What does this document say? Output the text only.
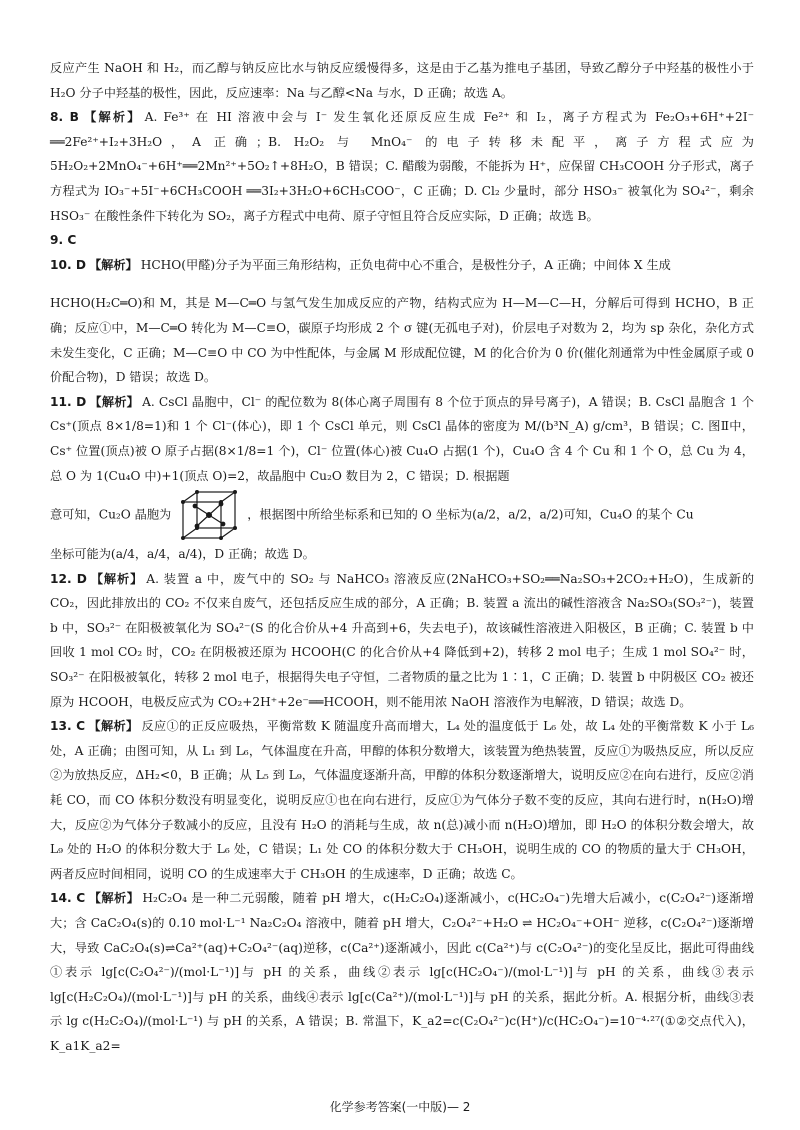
反应产生 NaOH 和 H₂，而乙醇与钠反应比水与钠反应缓慢得多，这是由于乙基为推电子基团，导致乙醇分子中羟基的极性小于 H₂O 分子中羟基的极性，因此，反应速率：Na 与乙醇<Na 与水，D 正确；故选 A。

8. B 【解析】 A. Fe³⁺ 在 HI 溶液中会与 I⁻ 发生氧化还原反应生成 Fe²⁺ 和 I₂，离子方程式为 Fe₂O₃+6H⁺+2I⁻ ══2Fe²⁺+I₂+3H₂O，A 正确；B. H₂O₂ 与 MnO₄⁻ 的电子转移未配平，离子方程式应为 5H₂O₂+2MnO₄⁻+6H⁺══2Mn²⁺+5O₂↑+8H₂O，B 错误；C. 醋酸为弱酸，不能拆为 H⁺，应保留 CH₃COOH 分子形式，离子方程式为 IO₃⁻+5I⁻+6CH₃COOH ══3I₂+3H₂O+6CH₃COO⁻，C 正确；D. Cl₂ 少量时，部分 HSO₃⁻ 被氧化为 SO₄²⁻，剩余 HSO₃⁻ 在酸性条件下转化为 SO₂，离子方程式中电荷、原子守恒且符合反应实际，D 正确；故选 B。

9. C

10. D 【解析】 HCHO(甲醛)分子为平面三角形结构，正负电荷中心不重合，是极性分子，A 正确；中间体 X 生成

HCHO(H₂C═O)和 M，其是 M—C═O 与氢气发生加成反应的产物，结构式应为 H—M—C—H，分解后可得到 HCHO，B 正确；反应①中，M—C═O 转化为 M—C≡O，碳原子均形成 2 个 σ 键(无孤电子对)，价层电子对数为 2，均为 sp 杂化，杂化方式未发生变化，C 正确；M—C≡O 中 CO 为中性配体，与金属 M 形成配位键，M 的化合价为 0 价(催化剂通常为中性金属原子或 0 价配合物)，D 错误；故选 D。

11. D 【解析】 A. CsCl 晶胞中，Cl⁻ 的配位数为 8(体心离子周围有 8 个位于顶点的异号离子)，A 错误；B. CsCl 晶胞含 1 个 Cs⁺(顶点 8×1/8=1)和 1 个 Cl⁻(体心)，即 1 个 CsCl 单元，则 CsCl 晶体的密度为 M/(b³N_A) g/cm³，B 错误；C. 图Ⅱ中，Cs⁺ 位置(顶点)被 O 原子占据(8×1/8=1 个)，Cl⁻ 位置(体心)被 Cu₄O 占据(1 个)，Cu₄O 含 4 个 Cu 和 1 个 O，总 Cu 为 4，总 O 为 1(Cu₄O 中)+1(顶点 O)=2，故晶胞中 Cu₂O 数目为 2，C 错误；D. 根据题

意可知，Cu₂O 晶胞为	，根据图中所给坐标系和已知的 O 坐标为(a/2，a/2，a/2)可知，Cu₄O 的某个 Cu

坐标可能为(a/4，a/4，a/4)，D 正确；故选 D。

12. D 【解析】 A. 装置 a 中，废气中的 SO₂ 与 NaHCO₃ 溶液反应(2NaHCO₃+SO₂══Na₂SO₃+2CO₂+H₂O)，生成新的 CO₂，因此排放出的 CO₂ 不仅来自废气，还包括反应生成的部分，A 正确；B. 装置 a 流出的碱性溶液含 Na₂SO₃(SO₃²⁻)，装置 b 中，SO₃²⁻ 在阳极被氧化为 SO₄²⁻(S 的化合价从+4 升高到+6，失去电子)，故该碱性溶液进入阳极区，B 正确；C. 装置 b 中回收 1 mol CO₂ 时，CO₂ 在阴极被还原为 HCOOH(C 的化合价从+4 降低到+2)，转移 2 mol 电子；生成 1 mol SO₄²⁻ 时，SO₃²⁻ 在阳极被氧化，转移 2 mol 电子，根据得失电子守恒，二者物质的量之比为 1∶1，C 正确；D. 装置 b 中阴极区 CO₂ 被还原为 HCOOH，电极反应式为 CO₂+2H⁺+2e⁻══HCOOH，则不能用浓 NaOH 溶液作为电解液，D 错误；故选 D。

13. C 【解析】 反应①的正反应吸热，平衡常数 K 随温度升高而增大，L₄ 处的温度低于 L₆ 处，故 L₄ 处的平衡常数 K 小于 L₆ 处，A 正确；由图可知，从 L₁ 到 L₆，气体温度在升高，甲醇的体积分数增大，该装置为绝热装置，反应①为吸热反应，所以反应②为放热反应，ΔH₂<0，B 正确；从 L₅ 到 L₉，气体温度逐渐升高，甲醇的体积分数逐渐增大，说明反应②在向右进行，反应②消耗 CO，而 CO 体积分数没有明显变化，说明反应①也在向右进行，反应①为气体分子数不变的反应，其向右进行时，n(H₂O)增大，反应②为气体分子数减小的反应，且没有 H₂O 的消耗与生成，故 n(总)减小而 n(H₂O)增加，即 H₂O 的体积分数会增大，故 L₉ 处的 H₂O 的体积分数大于 L₆ 处，C 错误；L₁ 处 CO 的体积分数大于 CH₃OH，说明生成的 CO 的物质的量大于 CH₃OH，两者反应时间相同，说明 CO 的生成速率大于 CH₃OH 的生成速率，D 正确；故选 C。

14. C 【解析】 H₂C₂O₄ 是一种二元弱酸，随着 pH 增大，c(H₂C₂O₄)逐渐减小，c(HC₂O₄⁻)先增大后减小，c(C₂O₄²⁻)逐渐增大；含 CaC₂O₄(s)的 0.10 mol·L⁻¹ Na₂C₂O₄ 溶液中，随着 pH 增大，C₂O₄²⁻+H₂O ⇌ HC₂O₄⁻+OH⁻ 逆移，c(C₂O₄²⁻)逐渐增大，导致 CaC₂O₄(s)⇌Ca²⁺(aq)+C₂O₄²⁻(aq)逆移，c(Ca²⁺)逐渐减小，因此 c(Ca²⁺)与 c(C₂O₄²⁻)的变化呈反比，据此可得曲线①表示 lg[c(C₂O₄²⁻)/(mol·L⁻¹)]与 pH 的关系，曲线②表示 lg[c(HC₂O₄⁻)/(mol·L⁻¹)]与 pH 的关系，曲线③表示 lg[c(H₂C₂O₄)/(mol·L⁻¹)]与 pH 的关系，曲线④表示 lg[c(Ca²⁺)/(mol·L⁻¹)]与 pH 的关系，据此分析。A. 根据分析，曲线③表示 lg c(H₂C₂O₄)/(mol·L⁻¹) 与 pH 的关系，A 错误；B. 常温下，K_a2=c(C₂O₄²⁻)c(H⁺)/c(HC₂O₄⁻)=10⁻⁴·²⁷(①②交点代入)，K_a1K_a2=

化学参考答案(一中版)— 2
